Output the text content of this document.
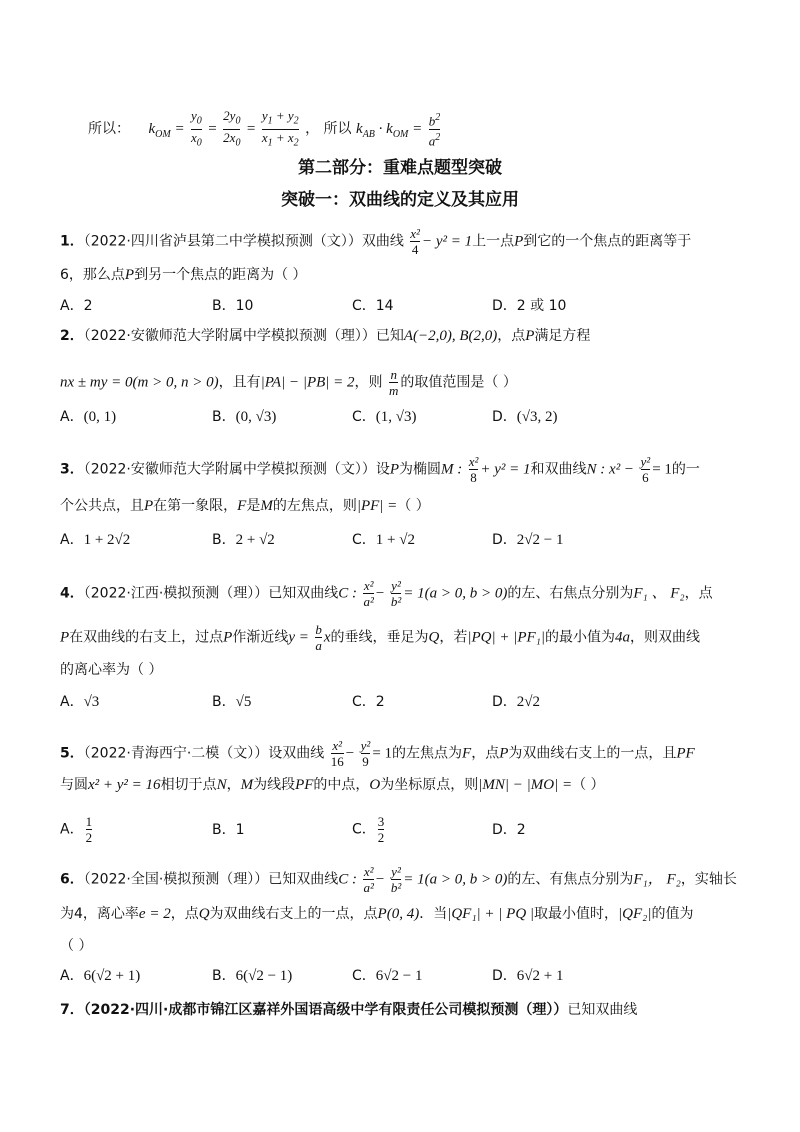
所以： $k_{OM} = \frac{y_0}{x_0} = \frac{2y_0}{2x_0} = \frac{y_1 + y_2}{x_1 + x_2}$ ， 所以 $k_{AB} \cdot k_{OM} = \frac{b^2}{a^2}$
第二部分：重难点题型突破
突破一：双曲线的定义及其应用
1．（2022·四川省泸县第二中学模拟预测（文））双曲线 $\frac{\text{x²}}{4} - y^2 = 1$上一点P到它的一个焦点的距离等于
6，那么点P到另一个焦点的距离为（ ）
A．2	B．10	C．14	D．2 或 10
2．（2022·安徽师范大学附属中学模拟预测（理））已知A(−2,0), B(2,0)，点P满足方程
nx ± my = 0(m > 0, n > 0)，且有|PA| − |PB| = 2，则 $\frac{n}{m}$ 的取值范围是（ ）
A．(0, 1)	B．(0, √3)	C．(1, √3)	D．(√3, 2)
3．（2022·安徽师范大学附属中学模拟预测（文））设P为椭圆M : $\frac{\text{x²}}{8} + y^2 = 1$和双曲线N : $x^2 - \frac{\text{y²}}{6} = 1$的一
个公共点，且P在第一象限，F是M的左焦点，则|PF| =（ ）
A．1 + 2√2	B．2 + √2	C．1 + √2	D．2√2 − 1
4．（2022·江西·模拟预测（理））已知双曲线C : $\frac{\text{x²}}{\text{a²}} - \frac{\text{y²}}{\text{b²}} = 1(a > 0$, b > 0)的左、右焦点分别为F₁ 、 F₂，点
P在双曲线的右支上，过点P作渐近线$y = \frac{b}{a}$ x的垂线，垂足为Q，若|PQ| + |PF₁|的最小值为4a，则双曲线
的离心率为（ ）
A．√3	B．√5	C．2	D．2√2
5．（2022·青海西宁·二模（文））设双曲线 $\frac{\text{x²}}{16} - \frac{\text{y²}}{9} = 1$的左焦点为F，点P为双曲线右支上的一点，且PF
与圆x² + y² = 16相切于点N，M为线段PF的中点，O为坐标原点，则|MN| − |MO| =（ ）
A． $\frac{1}{2}$	B．1	C． $\frac{3}{2}$	D．2
6．（2022·全国·模拟预测（理））已知双曲线C : $\frac{\text{x²}}{\text{a²}} - \frac{\text{y²}}{\text{b²}} = 1(a > 0$, b > 0)的左、有焦点分别为F₁， F₂，实轴长
为4，离心率e = 2，点Q为双曲线右支上的一点，点P(0, 4)．当|QF₁| + | PQ |取最小值时，|QF₂|的值为
（ ）
A．6(√2 + 1)	B．6(√2 − 1)	C．6√2 − 1	D．6√2 + 1
7．（2022·四川·成都市锦江区嘉祥外国语高级中学有限责任公司模拟预测（理））已知双曲线
